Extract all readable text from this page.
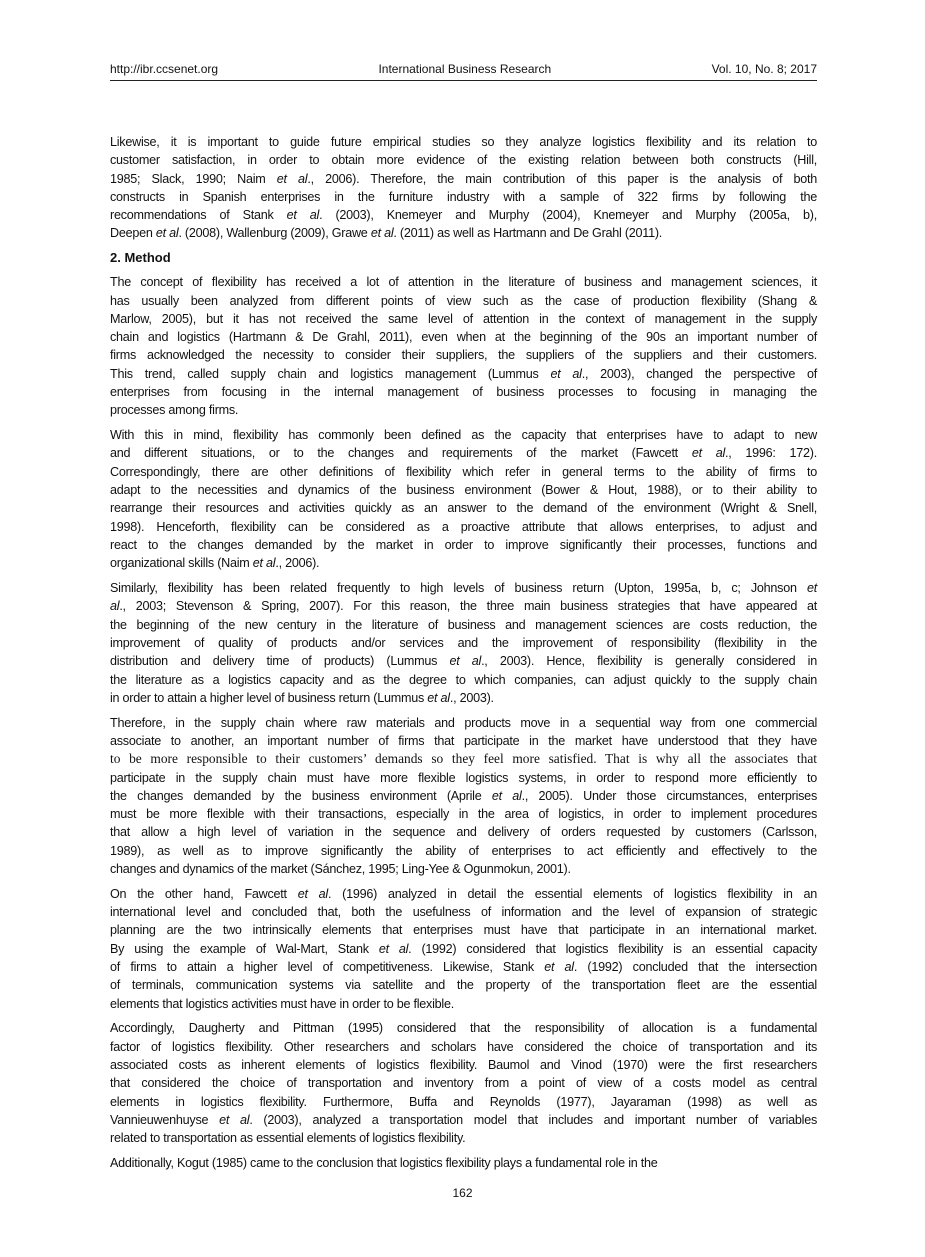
http://ibr.ccsenet.org	International Business Research	Vol. 10, No. 8; 2017
Likewise, it is important to guide future empirical studies so they analyze logistics flexibility and its relation to
customer satisfaction, in order to obtain more evidence of the existing relation between both constructs (Hill,
1985; Slack, 1990; Naim et al., 2006). Therefore, the main contribution of this paper is the analysis of both
constructs in Spanish enterprises in the furniture industry with a sample of 322 firms by following the
recommendations of Stank et al. (2003), Knemeyer and Murphy (2004), Knemeyer and Murphy (2005a, b),
Deepen et al. (2008), Wallenburg (2009), Grawe et al. (2011) as well as Hartmann and De Grahl (2011).
2. Method
The concept of flexibility has received a lot of attention in the literature of business and management sciences, it
has usually been analyzed from different points of view such as the case of production flexibility (Shang &
Marlow, 2005), but it has not received the same level of attention in the context of management in the supply
chain and logistics (Hartmann & De Grahl, 2011), even when at the beginning of the 90s an important number of
firms acknowledged the necessity to consider their suppliers, the suppliers of the suppliers and their customers.
This trend, called supply chain and logistics management (Lummus et al., 2003), changed the perspective of
enterprises from focusing in the internal management of business processes to focusing in managing the
processes among firms.
With this in mind, flexibility has commonly been defined as the capacity that enterprises have to adapt to new
and different situations, or to the changes and requirements of the market (Fawcett et al., 1996: 172).
Correspondingly, there are other definitions of flexibility which refer in general terms to the ability of firms to
adapt to the necessities and dynamics of the business environment (Bower & Hout, 1988), or to their ability to
rearrange their resources and activities quickly as an answer to the demand of the environment (Wright & Snell,
1998). Henceforth, flexibility can be considered as a proactive attribute that allows enterprises, to adjust and
react to the changes demanded by the market in order to improve significantly their processes, functions and
organizational skills (Naim et al., 2006).
Similarly, flexibility has been related frequently to high levels of business return (Upton, 1995a, b, c; Johnson et
al., 2003; Stevenson & Spring, 2007). For this reason, the three main business strategies that have appeared at
the beginning of the new century in the literature of business and management sciences are costs reduction, the
improvement of quality of products and/or services and the improvement of responsibility (flexibility in the
distribution and delivery time of products) (Lummus et al., 2003). Hence, flexibility is generally considered in
the literature as a logistics capacity and as the degree to which companies, can adjust quickly to the supply chain
in order to attain a higher level of business return (Lummus et al., 2003).
Therefore, in the supply chain where raw materials and products move in a sequential way from one commercial
associate to another, an important number of firms that participate in the market have understood that they have
to be more responsible to their customers’ demands so they feel more satisfied. That is why all the associates that
participate in the supply chain must have more flexible logistics systems, in order to respond more efficiently to
the changes demanded by the business environment (Aprile et al., 2005). Under those circumstances, enterprises
must be more flexible with their transactions, especially in the area of logistics, in order to implement procedures
that allow a high level of variation in the sequence and delivery of orders requested by customers (Carlsson,
1989), as well as to improve significantly the ability of enterprises to act efficiently and effectively to the
changes and dynamics of the market (Sánchez, 1995; Ling-Yee & Ogunmokun, 2001).
On the other hand, Fawcett et al. (1996) analyzed in detail the essential elements of logistics flexibility in an
international level and concluded that, both the usefulness of information and the level of expansion of strategic
planning are the two intrinsically elements that enterprises must have that participate in an international market.
By using the example of Wal-Mart, Stank et al. (1992) considered that logistics flexibility is an essential capacity
of firms to attain a higher level of competitiveness. Likewise, Stank et al. (1992) concluded that the intersection
of terminals, communication systems via satellite and the property of the transportation fleet are the essential
elements that logistics activities must have in order to be flexible.
Accordingly, Daugherty and Pittman (1995) considered that the responsibility of allocation is a fundamental
factor of logistics flexibility. Other researchers and scholars have considered the choice of transportation and its
associated costs as inherent elements of logistics flexibility. Baumol and Vinod (1970) were the first researchers
that considered the choice of transportation and inventory from a point of view of a costs model as central
elements in logistics flexibility. Furthermore, Buffa and Reynolds (1977), Jayaraman (1998) as well as
Vannieuwenhuyse et al. (2003), analyzed a transportation model that includes and important number of variables
related to transportation as essential elements of logistics flexibility.
Additionally, Kogut (1985) came to the conclusion that logistics flexibility plays a fundamental role in the
162
